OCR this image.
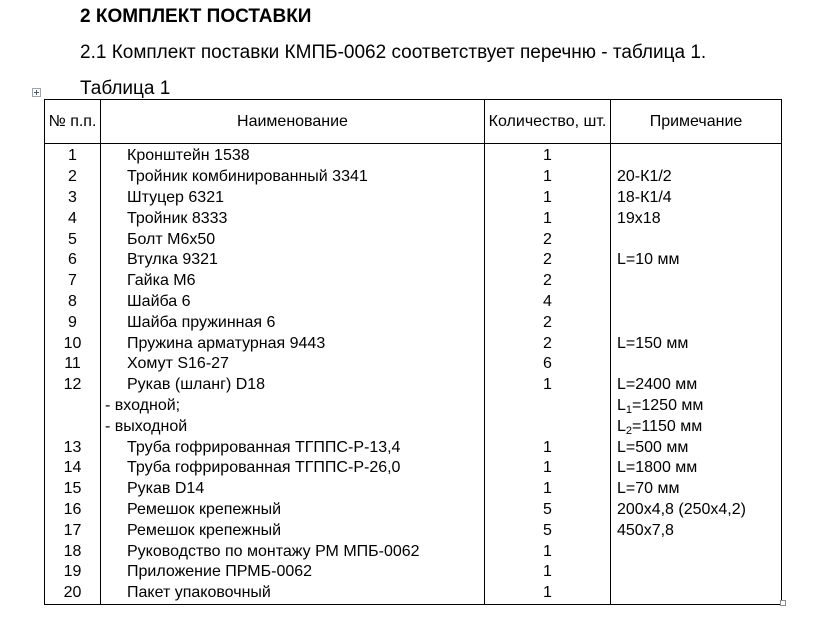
2 КОМПЛЕКТ ПОСТАВКИ
2.1 Комплект поставки КМПБ-0062 соответствует перечню - таблица 1.
Таблица 1
№ п.п.	Наименование	Количество, шт.	Примечание
1	Кронштейн 1538	1	
2	Тройник комбинированный 3341	1	20-К1/2
3	Штуцер 6321	1	18-К1/4
4	Тройник 8333	1	19х18
5	Болт М6х50	2	
6	Втулка 9321	2	L=10 мм
7	Гайка М6	2	
8	Шайба 6	4	
9	Шайба пружинная 6	2	
10	Пружина арматурная 9443	2	L=150 мм
11	Хомут S16-27	6	
12	Рукав (шланг) D18	1	L=2400 мм
	- входной;		$L_1=1250$ мм
	- выходной		$L_2=1150$ мм
13	Труба гофрированная ТГППС-Р-13,4	1	L=500 мм
14	Труба гофрированная ТГППС-Р-26,0	1	L=1800 мм
15	Рукав D14	1	L=70 мм
16	Ремешок крепежный	5	200х4,8 (250х4,2)
17	Ремешок крепежный	5	450х7,8
18	Руководство по монтажу РМ МПБ-0062	1	
19	Приложение ПРМБ-0062	1	
20	Пакет упаковочный	1	
